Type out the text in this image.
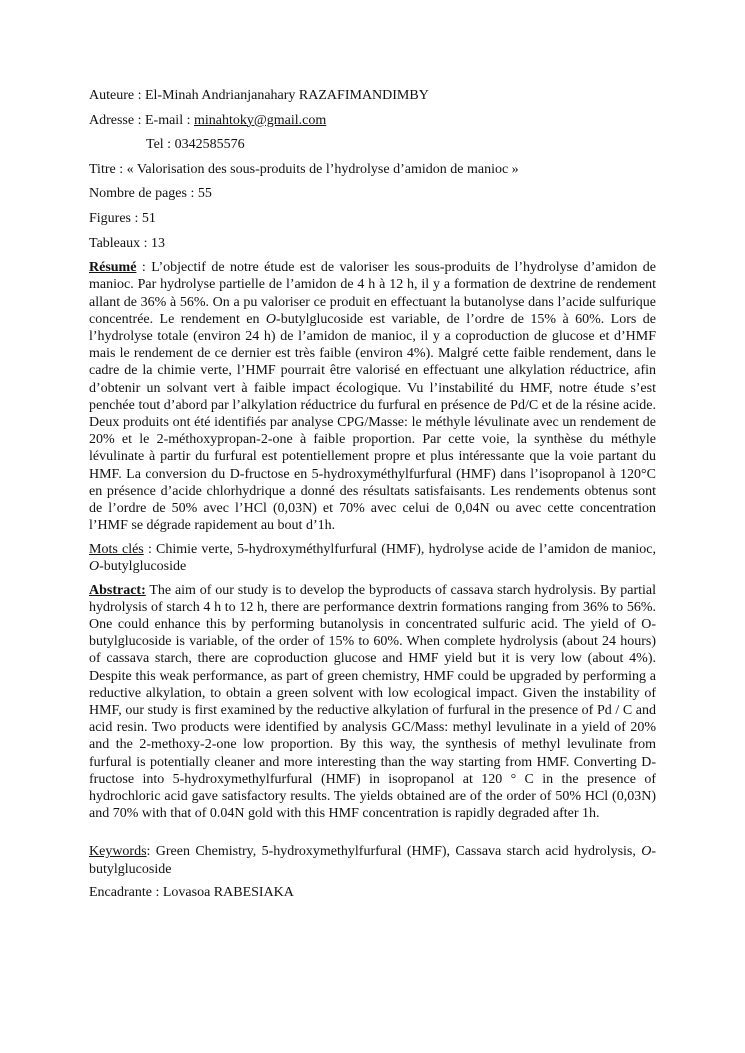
Auteure : El-Minah Andrianjanahary RAZAFIMANDIMBY
Adresse : E-mail : minahtoky@gmail.com
Tel : 0342585576
Titre : « Valorisation des sous-produits de l’hydrolyse d’amidon de manioc »
Nombre de pages : 55
Figures : 51
Tableaux : 13

Résumé : L’objectif de notre étude est de valoriser les sous-produits de l’hydrolyse d’amidon de manioc. Par hydrolyse partielle de l’amidon de 4 h à 12 h, il y a formation de dextrine de rendement allant de 36% à 56%. On a pu valoriser ce produit en effectuant la butanolyse dans l’acide sulfurique concentrée. Le rendement en O-butylglucoside est variable, de l’ordre de 15% à 60%. Lors de l’hydrolyse totale (environ 24 h) de l’amidon de manioc, il y a coproduction de glucose et d’HMF mais le rendement de ce dernier est très faible (environ 4%). Malgré cette faible rendement, dans le cadre de la chimie verte, l’HMF pourrait être valorisé en effectuant une alkylation réductrice, afin d’obtenir un solvant vert à faible impact écologique. Vu l’instabilité du HMF, notre étude s’est penchée tout d’abord par l’alkylation réductrice du furfural en présence de Pd/C et de la résine acide. Deux produits ont été identifiés par analyse CPG/Masse: le méthyle lévulinate avec un rendement de 20% et le 2-méthoxypropan-2-one à faible proportion. Par cette voie, la synthèse du méthyle lévulinate à partir du furfural est potentiellement propre et plus intéressante que la voie partant du HMF. La conversion du D-fructose en 5-hydroxyméthylfurfural (HMF) dans l’isopropanol à 120°C en présence d’acide chlorhydrique a donné des résultats satisfaisants. Les rendements obtenus sont de l’ordre de 50% avec l’HCl (0,03N) et 70% avec celui de 0,04N ou avec cette concentration l’HMF se dégrade rapidement au bout d’1h.

Mots clés : Chimie verte, 5-hydroxyméthylfurfural (HMF), hydrolyse acide de l’amidon de manioc, O-butylglucoside

Abstract: The aim of our study is to develop the byproducts of cassava starch hydrolysis. By partial hydrolysis of starch 4 h to 12 h, there are performance dextrin formations ranging from 36% to 56%. One could enhance this by performing butanolysis in concentrated sulfuric acid. The yield of O-butylglucoside is variable, of the order of 15% to 60%. When complete hydrolysis (about 24 hours) of cassava starch, there are coproduction glucose and HMF yield but it is very low (about 4%). Despite this weak performance, as part of green chemistry, HMF could be upgraded by performing a reductive alkylation, to obtain a green solvent with low ecological impact. Given the instability of HMF, our study is first examined by the reductive alkylation of furfural in the presence of Pd / C and acid resin. Two products were identified by analysis GC/Mass: methyl levulinate in a yield of 20% and the 2-methoxy-2-one low proportion. By this way, the synthesis of methyl levulinate from furfural is potentially cleaner and more interesting than the way starting from HMF. Converting D-fructose into 5-hydroxymethylfurfural (HMF) in isopropanol at 120 ° C in the presence of hydrochloric acid gave satisfactory results. The yields obtained are of the order of 50% HCl (0,03N) and 70% with that of 0.04N gold with this HMF concentration is rapidly degraded after 1h.

Keywords: Green Chemistry, 5-hydroxymethylfurfural (HMF), Cassava starch acid hydrolysis, O-butylglucoside

Encadrante : Lovasoa RABESIAKA
